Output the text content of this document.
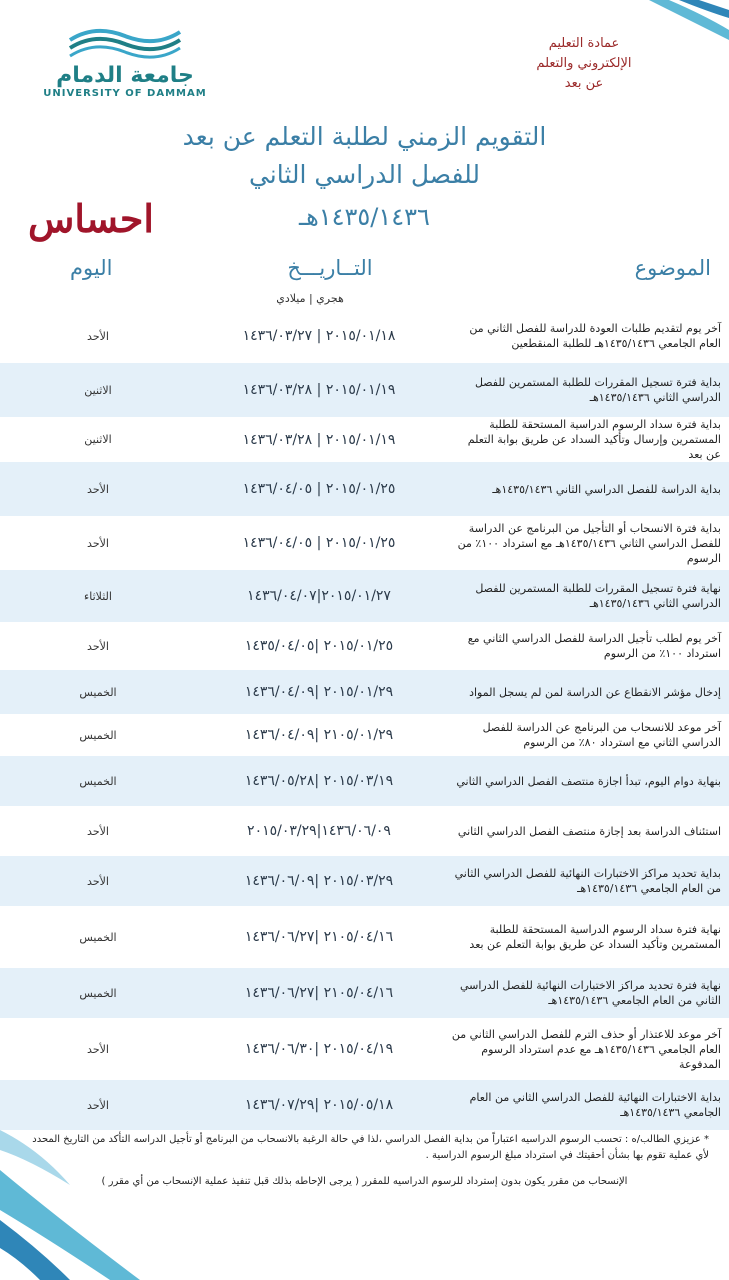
جامعة الدمام
UNIVERSITY OF DAMMAM
عمادة التعليم
الإلكتروني والتعلم
عن بعد
التقويم الزمني لطلبة التعلم عن بعد
للفصل الدراسي الثاني
١٤٣٥/١٤٣٦هـ
احساس
الموضوع
التــاريـــخ
اليوم
هجري | ميلادي
الأحد	٢٠١٥/٠١/١٨ | ١٤٣٦/٠٣/٢٧	آخر يوم لتقديم طلبات العودة للدراسة للفصل الثاني من العام الجامعي ١٤٣٥/١٤٣٦هـ للطلبة المنقطعين
الاثنين	٢٠١٥/٠١/١٩ | ١٤٣٦/٠٣/٢٨	بداية فترة تسجيل المقررات للطلبة المستمرين للفصل الدراسي الثاني ١٤٣٥/١٤٣٦هـ
الاثنين	٢٠١٥/٠١/١٩ | ١٤٣٦/٠٣/٢٨	بداية فترة سداد الرسوم الدراسية المستحقة للطلبة المستمرين وإرسال وتأكيد السداد عن طريق بوابة التعلم عن بعد
الأحد	٢٠١٥/٠١/٢٥ | ١٤٣٦/٠٤/٠٥	بداية الدراسة للفصل الدراسي الثاني ١٤٣٥/١٤٣٦هـ
الأحد	٢٠١٥/٠١/٢٥ | ١٤٣٦/٠٤/٠٥	بداية فترة الانسحاب أو التأجيل من البرنامج عن الدراسة للفصل الدراسي الثاني ١٤٣٥/١٤٣٦هـ مع استرداد ١٠٠٪ من الرسوم
الثلاثاء	٢٠١٥/٠١/٢٧|١٤٣٦/٠٤/٠٧	نهاية فترة تسجيل المقررات للطلبة المستمرين للفصل الدراسي الثاني ١٤٣٥/١٤٣٦هـ
الأحد	٢٠١٥/٠١/٢٥ |١٤٣٥/٠٤/٠٥	آخر يوم لطلب تأجيل الدراسة للفصل الدراسي الثاني مع استرداد ١٠٠٪ من الرسوم
الخميس	٢٠١٥/٠١/٢٩ |١٤٣٦/٠٤/٠٩	إدخال مؤشر الانقطاع عن الدراسة لمن لم يسجل المواد
الخميس	٢١٠٥/٠١/٢٩ |١٤٣٦/٠٤/٠٩	آخر موعد للانسحاب من البرنامج عن الدراسة للفصل الدراسي الثاني مع استرداد ٨٠٪ من الرسوم
الخميس	٢٠١٥/٠٣/١٩ |١٤٣٦/٠٥/٢٨	بنهاية دوام اليوم، تبدأ اجازة منتصف الفصل الدراسي الثاني
الأحد	١٤٣٦/٠٦/٠٩|٢٠١٥/٠٣/٢٩	استئناف الدراسة بعد إجازة منتصف الفصل الدراسي الثاني
الأحد	٢٠١٥/٠٣/٢٩ |١٤٣٦/٠٦/٠٩	بداية تحديد مراكز الاختبارات النهائية للفصل الدراسي الثاني من العام الجامعي ١٤٣٥/١٤٣٦هـ
الخميس	٢١٠٥/٠٤/١٦ |١٤٣٦/٠٦/٢٧	نهاية فترة سداد الرسوم الدراسية المستحقة للطلبة المستمرين وتأكيد السداد عن طريق بوابة التعلم عن بعد
الخميس	٢١٠٥/٠٤/١٦ |١٤٣٦/٠٦/٢٧	نهاية فترة تحديد مراكز الاختبارات النهائية للفصل الدراسي الثاني من العام الجامعي ١٤٣٥/١٤٣٦هـ
الأحد	٢٠١٥/٠٤/١٩ |١٤٣٦/٠٦/٣٠	آخر موعد للاعتذار أو حذف الترم للفصل الدراسي الثاني من العام الجامعي ١٤٣٥/١٤٣٦هـ مع عدم استرداد الرسوم المدفوعة
الأحد	٢٠١٥/٠٥/١٨ |١٤٣٦/٠٧/٢٩	بداية الاختبارات النهائية للفصل الدراسي الثاني من العام الجامعي ١٤٣٥/١٤٣٦هـ

* عزيزي الطالب/ه : تحسب الرسوم الدراسيه اعتباراً من بداية الفصل الدراسي ،لذا في حالة الرغبة بالانسحاب من البرنامج أو تأجيل الدراسه التأكد من التاريخ المحدد لأي عملية تقوم بها بشأن أحقيتك في استرداد مبلغ الرسوم الدراسية .

الإنسحاب من مقرر يكون بدون إسترداد للرسوم الدراسيه للمقرر ( يرجى الإحاطه بذلك قبل تنفيذ عملية الإنسحاب من أي مقرر )
